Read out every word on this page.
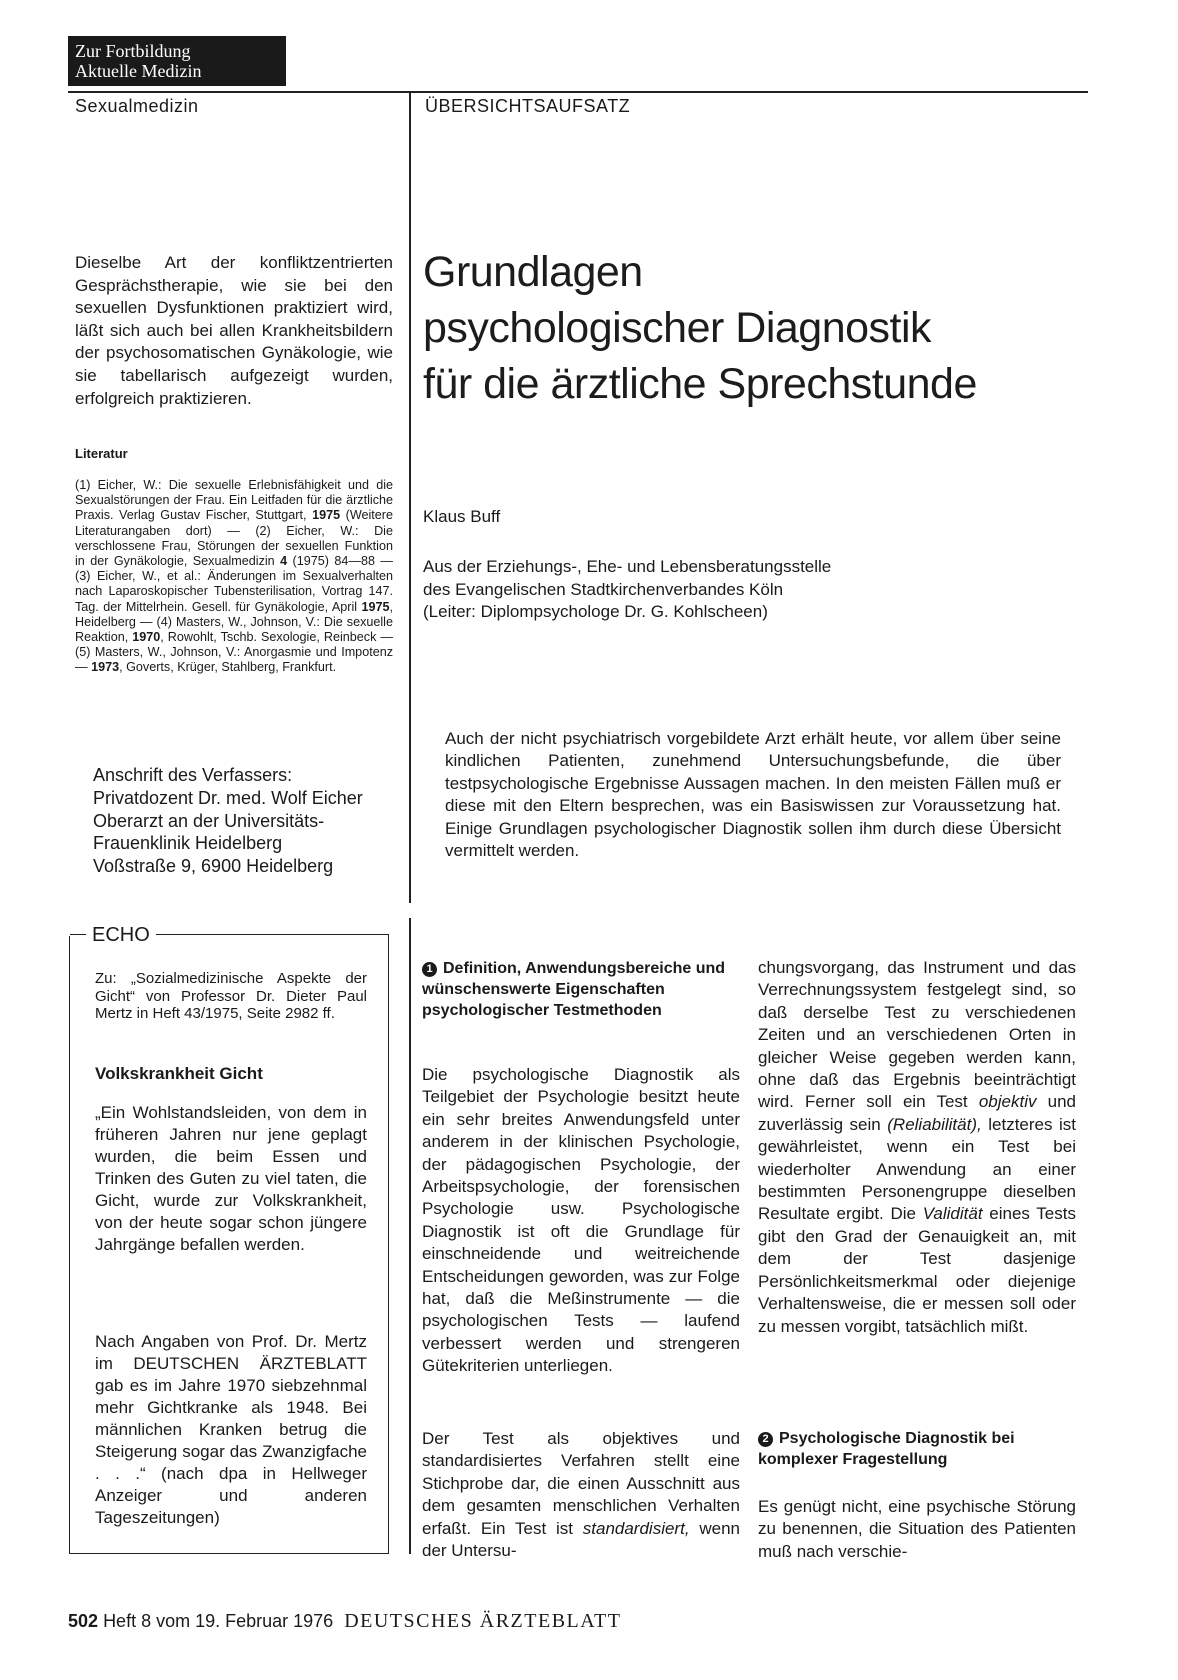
Zur Fortbildung
Aktuelle Medizin
Sexualmedizin	ÜBERSICHTSAUFSATZ
Dieselbe Art der konfliktzentrierten Gesprächstherapie, wie sie bei den sexuellen Dysfunktionen praktiziert wird, läßt sich auch bei allen Krankheitsbildern der psychosomatischen Gynäkologie, wie sie tabellarisch aufgezeigt wurden, erfolgreich praktizieren.
Literatur
(1) Eicher, W.: Die sexuelle Erlebnisfähigkeit und die Sexualstörungen der Frau. Ein Leitfaden für die ärztliche Praxis. Verlag Gustav Fischer, Stuttgart, 1975 (Weitere Literaturangaben dort) — (2) Eicher, W.: Die verschlossene Frau, Störungen der sexuellen Funktion in der Gynäkologie, Sexualmedizin 4 (1975) 84—88 — (3) Eicher, W., et al.: Änderungen im Sexualverhalten nach Laparoskopischer Tubensterilisation, Vortrag 147. Tag. der Mittelrhein. Gesell. für Gynäkologie, April 1975, Heidelberg — (4) Masters, W., Johnson, V.: Die sexuelle Reaktion, 1970, Rowohlt, Tschb. Sexologie, Reinbeck — (5) Masters, W., Johnson, V.: Anorgasmie und Impotenz — 1973, Goverts, Krüger, Stahlberg, Frankfurt.
Anschrift des Verfassers:
Privatdozent Dr. med. Wolf Eicher
Oberarzt an der Universitäts-
Frauenklinik Heidelberg
Voßstraße 9, 6900 Heidelberg
Grundlagen
psychologischer Diagnostik
für die ärztliche Sprechstunde
Klaus Buff
Aus der Erziehungs-, Ehe- und Lebensberatungsstelle
des Evangelischen Stadtkirchenverbandes Köln
(Leiter: Diplompsychologe Dr. G. Kohlscheen)
Auch der nicht psychiatrisch vorgebildete Arzt erhält heute, vor allem über seine kindlichen Patienten, zunehmend Untersuchungsbefunde, die über testpsychologische Ergebnisse Aussagen machen. In den meisten Fällen muß er diese mit den Eltern besprechen, was ein Basiswissen zur Voraussetzung hat. Einige Grundlagen psychologischer Diagnostik sollen ihm durch diese Übersicht vermittelt werden.
ECHO
Zu: „Sozialmedizinische Aspekte der Gicht“ von Professor Dr. Dieter Paul Mertz in Heft 43/1975, Seite 2982 ff.
Volkskrankheit Gicht
„Ein Wohlstandsleiden, von dem in früheren Jahren nur jene geplagt wurden, die beim Essen und Trinken des Guten zu viel taten, die Gicht, wurde zur Volkskrankheit, von der heute sogar schon jüngere Jahrgänge befallen werden.
Nach Angaben von Prof. Dr. Mertz im DEUTSCHEN ÄRZTEBLATT gab es im Jahre 1970 siebzehnmal mehr Gichtkranke als 1948. Bei männlichen Kranken betrug die Steigerung sogar das Zwanzigfache . . .“ (nach dpa in Hellweger Anzeiger und anderen Tageszeitungen)
1 Definition, Anwendungsbereiche und wünschenswerte Eigenschaften psychologischer Testmethoden
Die psychologische Diagnostik als Teilgebiet der Psychologie besitzt heute ein sehr breites Anwendungsfeld unter anderem in der klinischen Psychologie, der pädagogischen Psychologie, der Arbeitspsychologie, der forensischen Psychologie usw. Psychologische Diagnostik ist oft die Grundlage für einschneidende und weitreichende Entscheidungen geworden, was zur Folge hat, daß die Meßinstrumente — die psychologischen Tests — laufend verbessert werden und strengeren Gütekriterien unterliegen.
Der Test als objektives und standardisiertes Verfahren stellt eine Stichprobe dar, die einen Ausschnitt aus dem gesamten menschlichen Verhalten erfaßt. Ein Test ist standardisiert, wenn der Untersu-
chungsvorgang, das Instrument und das Verrechnungssystem festgelegt sind, so daß derselbe Test zu verschiedenen Zeiten und an verschiedenen Orten in gleicher Weise gegeben werden kann, ohne daß das Ergebnis beeinträchtigt wird. Ferner soll ein Test objektiv und zuverlässig sein (Reliabilität), letzteres ist gewährleistet, wenn ein Test bei wiederholter Anwendung an einer bestimmten Personengruppe dieselben Resultate ergibt. Die Validität eines Tests gibt den Grad der Genauigkeit an, mit dem der Test dasjenige Persönlichkeitsmerkmal oder diejenige Verhaltensweise, die er messen soll oder zu messen vorgibt, tatsächlich mißt.
2 Psychologische Diagnostik bei komplexer Fragestellung
Es genügt nicht, eine psychische Störung zu benennen, die Situation des Patienten muß nach verschie-
502 Heft 8 vom 19. Februar 1976 DEUTSCHES ÄRZTEBLATT
